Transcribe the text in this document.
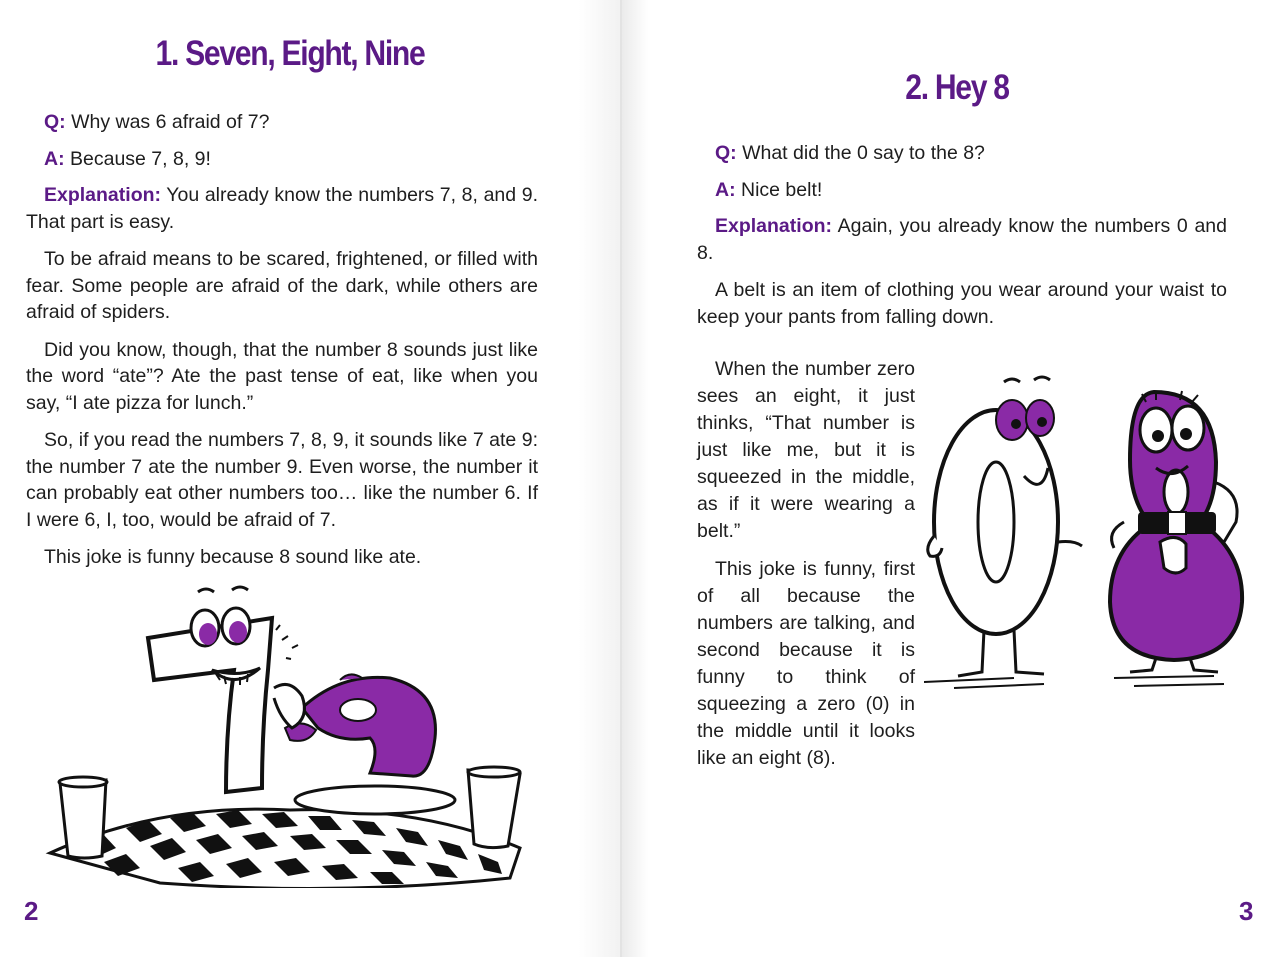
1. Seven, Eight, Nine

Q: Why was 6 afraid of 7?

A: Because 7, 8, 9!

Explanation: You already know the numbers 7, 8, and 9. That part is easy.

To be afraid means to be scared, frightened, or filled with fear. Some people are afraid of the dark, while others are afraid of spiders.

Did you know, though, that the number 8 sounds just like the word “ate”? Ate the past tense of eat, like when you say, “I ate pizza for lunch.”

So, if you read the numbers 7, 8, 9, it sounds like 7 ate 9: the number 7 ate the number 9. Even worse, the number it can probably eat other numbers too… like the number 6. If I were 6, I, too, would be afraid of 7.

This joke is funny because 8 sound like ate.

2
2. Hey 8

Q: What did the 0 say to the 8?

A: Nice belt!

Explanation: Again, you already know the numbers 0 and 8.

A belt is an item of clothing you wear around your waist to keep your pants from falling down.

When the number zero sees an eight, it just thinks, “That number is just like me, but it is squeezed in the middle, as if it were wearing a belt.”

This joke is funny, first of all because the numbers are talking, and second because it is funny to think of squeezing a zero (0) in the middle until it looks like an eight (8).

3
